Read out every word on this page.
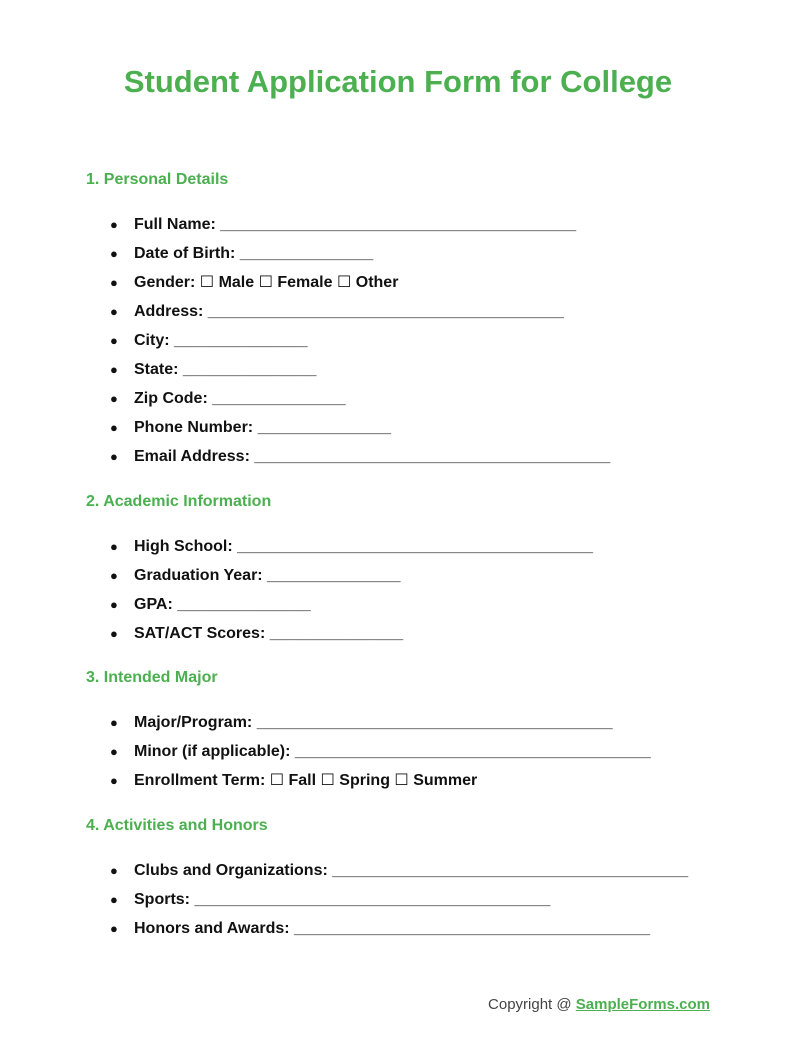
Student Application Form for College
1. Personal Details
● Full Name: ________________________________________
● Date of Birth: _______________
● Gender: ☐ Male ☐ Female ☐ Other
● Address: ________________________________________
● City: _______________
● State: _______________
● Zip Code: _______________
● Phone Number: _______________
● Email Address: ________________________________________
2. Academic Information
● High School: ________________________________________
● Graduation Year: _______________
● GPA: _______________
● SAT/ACT Scores: _______________
3. Intended Major
● Major/Program: ________________________________________
● Minor (if applicable): ________________________________________
● Enrollment Term: ☐ Fall ☐ Spring ☐ Summer
4. Activities and Honors
● Clubs and Organizations: ________________________________________
● Sports: ________________________________________
● Honors and Awards: ________________________________________
Copyright @ SampleForms.com
